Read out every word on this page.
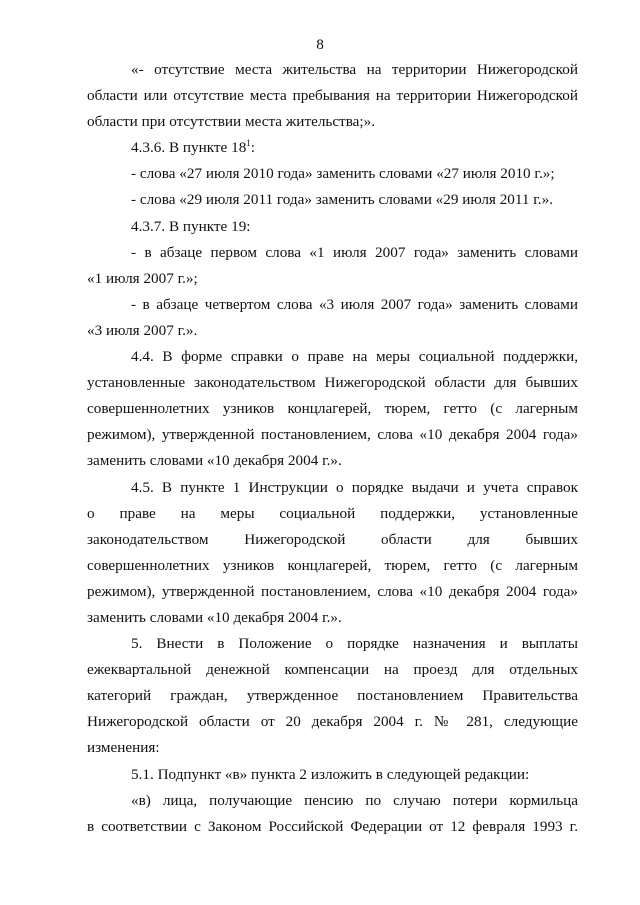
8
«- отсутствие места жительства на территории Нижегородской
области или отсутствие места пребывания на территории Нижегородской
области при отсутствии места жительства;».
4.3.6. В пункте $18^1$:
- слова «27 июля 2010 года» заменить словами «27 июля 2010 г.»;
- слова «29 июля 2011 года» заменить словами «29 июля 2011 г.».
4.3.7. В пункте 19:
- в абзаце первом слова «1 июля 2007 года» заменить словами
«1 июля 2007 г.»;
- в абзаце четвертом слова «3 июля 2007 года» заменить словами
«3 июля 2007 г.».
4.4. В форме справки о праве на меры социальной поддержки,
установленные законодательством Нижегородской области для бывших
совершеннолетних узников концлагерей, тюрем, гетто (с лагерным
режимом), утвержденной постановлением, слова «10 декабря 2004 года»
заменить словами «10 декабря 2004 г.».
4.5. В пункте 1 Инструкции о порядке выдачи и учета справок
о праве на меры социальной поддержки, установленные
законодательством Нижегородской области для бывших
совершеннолетних узников концлагерей, тюрем, гетто (с лагерным
режимом), утвержденной постановлением, слова «10 декабря 2004 года»
заменить словами «10 декабря 2004 г.».
5. Внести в Положение о порядке назначения и выплаты
ежеквартальной денежной компенсации на проезд для отдельных
категорий граждан, утвержденное постановлением Правительства
Нижегородской области от 20 декабря 2004 г. № 281, следующие
изменения:
5.1. Подпункт «в» пункта 2 изложить в следующей редакции:
«в) лица, получающие пенсию по случаю потери кормильца
в соответствии с Законом Российской Федерации от 12 февраля 1993 г.
